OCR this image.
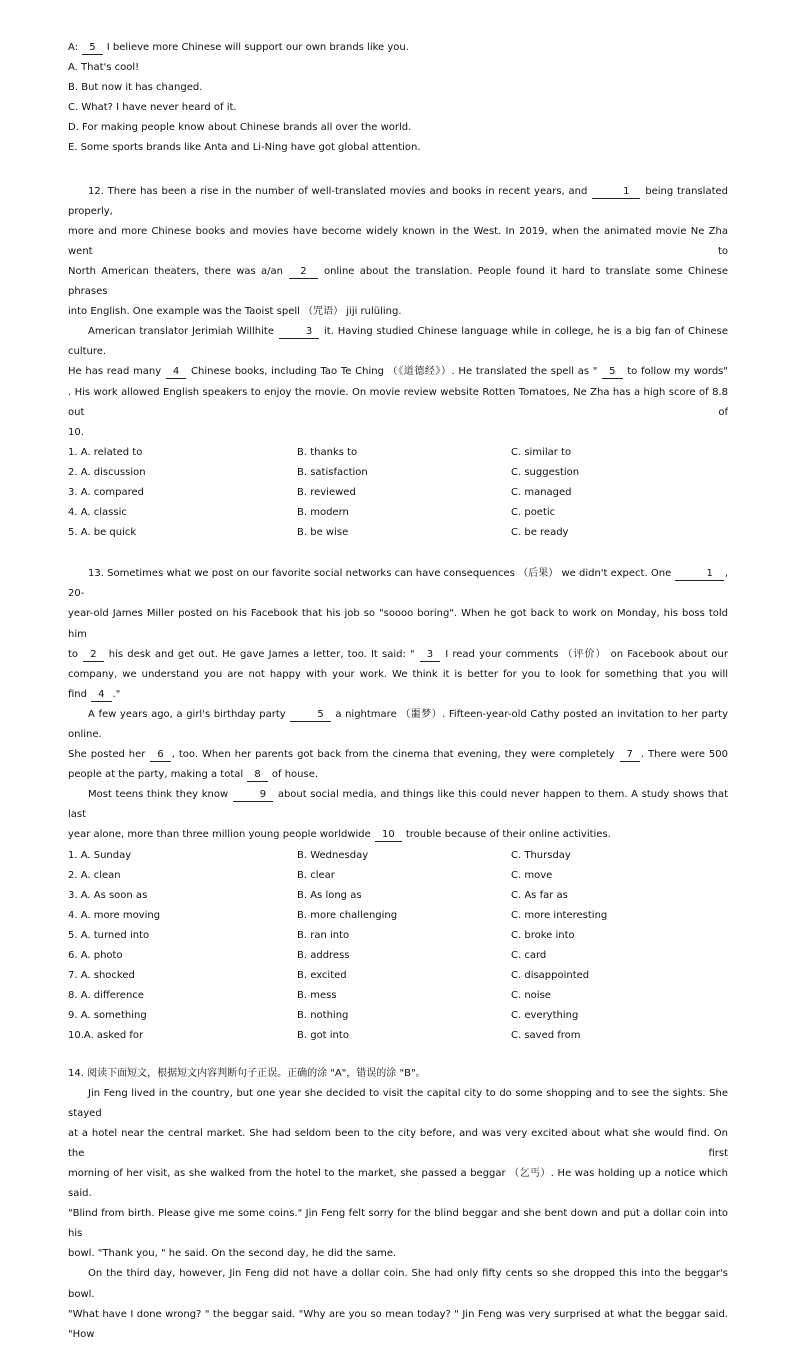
A: 5 I believe more Chinese will support our own brands like you.
A. That's cool!
B. But now it has changed.
C. What? I have never heard of it.
D. For making people know about Chinese brands all over the world.
E. Some sports brands like Anta and Li-Ning have got global attention.
12. There has been a rise in the number of well-translated movies and books in recent years, and	1 being translated properly,
more and more Chinese books and movies have become widely known in the West. In 2019, when the animated movie Ne Zha went to
North American theaters, there was a/an 2 online about the translation. People found it hard to translate some Chinese phrases
into English. One example was the Taoist spell （咒语） jiji rulüling.
American translator Jerimiah Willhite	3 it. Having studied Chinese language while in college, he is a big fan of Chinese culture.
He has read many 4 Chinese books, including Tao Te Ching （《道德经》）. He translated the spell as " 5 to follow my words"
. His work allowed English speakers to enjoy the movie. On movie review website Rotten Tomatoes, Ne Zha has a high score of 8.8 out of
10.
1. A. related to	B. thanks to	C. similar to
2. A. discussion	B. satisfaction	C. suggestion
3. A. compared	B. reviewed	C. managed
4. A. classic	B. modern	C. poetic
5. A. be quick	B. be wise	C. be ready
13. Sometimes what we post on our favorite social networks can have consequences （后果） we didn't expect. One	1 , 20-
year-old James Miller posted on his Facebook that his job so "soooo boring". When he got back to work on Monday, his boss told him
to 2 his desk and get out. He gave James a letter, too. It said: " 3 I read your comments （评价） on Facebook about our
company, we understand you are not happy with your work. We think it is better for you to look for something that you will
find 4 ."
A few years ago, a girl's birthday party	5 a nightmare （噩梦）. Fifteen-year-old Cathy posted an invitation to her party online.
She posted her 6 , too. When her parents got back from the cinema that evening, they were completely 7 . There were 500
people at the party, making a total 8 of house.
Most teens think they know	9 about social media, and things like this could never happen to them. A study shows that last
year alone, more than three million young people worldwide 10 trouble because of their online activities.
1. A. Sunday	B. Wednesday	C. Thursday
2. A. clean	B. clear	C. move
3. A. As soon as	B. As long as	C. As far as
4. A. more moving	B. more challenging	C. more interesting
5. A. turned into	B. ran into	C. broke into
6. A. photo	B. address	C. card
7. A. shocked	B. excited	C. disappointed
8. A. difference	B. mess	C. noise
9. A. something	B. nothing	C. everything
10.A. asked for	B. got into	C. saved from
14. 阅读下面短文，根据短文内容判断句子正误。正确的涂 "A"，错误的涂 "B"。
Jin Feng lived in the country, but one year she decided to visit the capital city to do some shopping and to see the sights. She stayed
at a hotel near the central market. She had seldom been to the city before, and was very excited about what she would find. On the first
morning of her visit, as she walked from the hotel to the market, she passed a beggar （乞丐）. He was holding up a notice which said.
"Blind from birth. Please give me some coins." Jin Feng felt sorry for the blind beggar and she bent down and put a dollar coin into his
bowl. "Thank you, " he said. On the second day, he did the same.
On the third day, however, Jin Feng did not have a dollar coin. She had only fifty cents so she dropped this into the beggar's bowl.
"What have I done wrong? " the beggar said. "Why are you so mean today? " Jin Feng was very surprised at what the beggar said. "How
